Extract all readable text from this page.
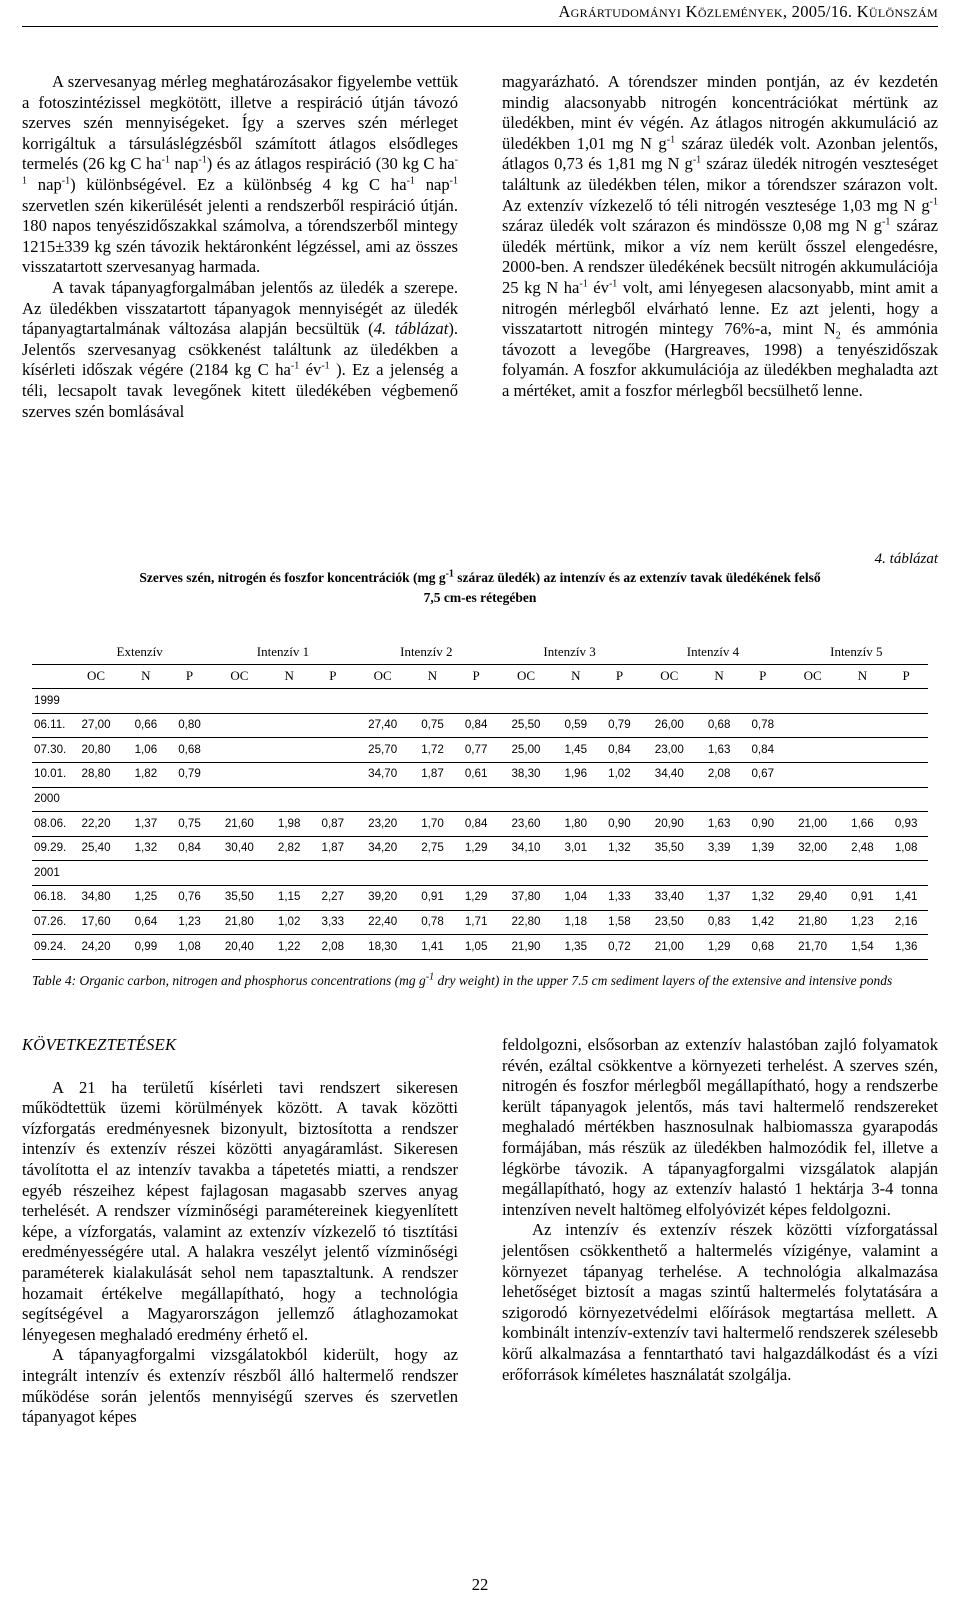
Agrártudományi Közlemények, 2005/16. Különszám

A szervesanyag mérleg meghatározásakor figyelembe vettük a fotoszintézissel megkötött, illetve a respiráció útján távozó szerves szén mennyiségeket. Így a szerves szén mérleget korrigáltuk a társuláslégzésből számított átlagos elsődleges termelés (26 kg C $ha^{-1}$ nap$^{-1}$) és az átlagos respiráció (30 kg C $ha^{-1}$ nap$^{-1}$) különbségével. Ez a különbség 4 kg C $ha^{-1}$ nap$^{-1}$ szervetlen szén kikerülését jelenti a rendszerből respiráció útján. 180 napos tenyészidőszakkal számolva, a tórendszerből mintegy 1215±339 kg szén távozik hektáronként légzéssel, ami az összes visszatartott szervesanyag harmada.

A tavak tápanyagforgalmában jelentős az üledék a szerepe. Az üledékben visszatartott tápanyagok mennyiségét az üledék tápanyagtartalmának változása alapján becsültük (4. táblázat). Jelentős szervesanyag csökkenést találtunk az üledékben a kísérleti időszak végére (2184 kg C $ha^{-1}$ $év^{-1}$ ). Ez a jelenség a téli, lecsapolt tavak levegőnek kitett üledékében végbemenő szerves szén bomlásával

magyarázható. A tórendszer minden pontján, az év kezdetén mindig alacsonyabb nitrogén koncentrációkat mértünk az üledékben, mint év végén. Az átlagos nitrogén akkumuláció az üledékben 1,01 mg N $g^{-1}$ száraz üledék volt. Azonban jelentős, átlagos 0,73 és 1,81 mg N $g^{-1}$ száraz üledék nitrogén veszteséget találtunk az üledékben télen, mikor a tórendszer szárazon volt. Az extenzív vízkezelő tó téli nitrogén vesztesége 1,03 mg N $g^{-1}$ száraz üledék volt szárazon és mindössze 0,08 mg N $g^{-1}$ száraz üledék mértünk, mikor a víz nem került ősszel elengedésre, 2000-ben. A rendszer üledékének becsült nitrogén akkumulációja 25 kg N $ha^{-1}$ $év^{-1}$ volt, ami lényegesen alacsonyabb, mint amit a nitrogén mérlegből elvárható lenne. Ez azt jelenti, hogy a visszatartott nitrogén mintegy 76%-a, mint $N_2$ és ammónia távozott a levegőbe (Hargreaves, 1998) a tenyészidőszak folyamán. A foszfor akkumulációja az üledékben meghaladta azt a mértéket, amit a foszfor mérlegből becsülhető lenne.

4. táblázat
Szerves szén, nitrogén és foszfor koncentrációk (mg $g^{-1}$ száraz üledék) az intenzív és az extenzív tavak üledékének felső
7,5 cm-es rétegében
	Extenzív			Intenzív 1			Intenzív 2			Intenzív 3			Intenzív 4			Intenzív 5		
	OC	N	P	OC	N	P	OC	N	P	OC	N	P	OC	N	P	OC	N	P
1999																		
06.11.	27,00	0,66	0,80				27,40	0,75	0,84	25,50	0,59	0,79	26,00	0,68	0,78			
07.30.	20,80	1,06	0,68				25,70	1,72	0,77	25,00	1,45	0,84	23,00	1,63	0,84			
10.01.	28,80	1,82	0,79				34,70	1,87	0,61	38,30	1,96	1,02	34,40	2,08	0,67			
2000																		
08.06.	22,20	1,37	0,75	21,60	1,98	0,87	23,20	1,70	0,84	23,60	1,80	0,90	20,90	1,63	0,90	21,00	1,66	0,93
09.29.	25,40	1,32	0,84	30,40	2,82	1,87	34,20	2,75	1,29	34,10	3,01	1,32	35,50	3,39	1,39	32,00	2,48	1,08
2001																		
06.18.	34,80	1,25	0,76	35,50	1,15	2,27	39,20	0,91	1,29	37,80	1,04	1,33	33,40	1,37	1,32	29,40	0,91	1,41
07.26.	17,60	0,64	1,23	21,80	1,02	3,33	22,40	0,78	1,71	22,80	1,18	1,58	23,50	0,83	1,42	21,80	1,23	2,16
09.24.	24,20	0,99	1,08	20,40	1,22	2,08	18,30	1,41	1,05	21,90	1,35	0,72	21,00	1,29	0,68	21,70	1,54	1,36
Table 4: Organic carbon, nitrogen and phosphorus concentrations (mg $g^{-1}$ dry weight) in the upper 7.5 cm sediment layers of the extensive and intensive ponds
KÖVETKEZTETÉSEK

A 21 ha területű kísérleti tavi rendszert sikeresen működtettük üzemi körülmények között. A tavak közötti vízforgatás eredményesnek bizonyult, biztosította a rendszer intenzív és extenzív részei közötti anyagáramlást. Sikeresen távolította el az intenzív tavakba a tápetetés miatti, a rendszer egyéb részeihez képest fajlagosan magasabb szerves anyag terhelését. A rendszer vízminőségi paramétereinek kiegyenlített képe, a vízforgatás, valamint az extenzív vízkezelő tó tisztítási eredményességére utal. A halakra veszélyt jelentő vízminőségi paraméterek kialakulását sehol nem tapasztaltunk. A rendszer hozamait értékelve megállapítható, hogy a technológia segítségével a Magyarországon jellemző átlaghozamokat lényegesen meghaladó eredmény érhető el.

A tápanyagforgalmi vizsgálatokból kiderült, hogy az integrált intenzív és extenzív részből álló haltermelő rendszer működése során jelentős mennyiségű szerves és szervetlen tápanyagot képes

feldolgozni, elsősorban az extenzív halastóban zajló folyamatok révén, ezáltal csökkentve a környezeti terhelést. A szerves szén, nitrogén és foszfor mérlegből megállapítható, hogy a rendszerbe került tápanyagok jelentős, más tavi haltermelő rendszereket meghaladó mértékben hasznosulnak halbiomassza gyarapodás formájában, más részük az üledékben halmozódik fel, illetve a légkörbe távozik. A tápanyagforgalmi vizsgálatok alapján megállapítható, hogy az extenzív halastó 1 hektárja 3-4 tonna intenzíven nevelt haltömeg elfolyóvizét képes feldolgozni.

Az intenzív és extenzív részek közötti vízforgatással jelentősen csökkenthető a haltermelés vízigénye, valamint a környezet tápanyag terhelése. A technológia alkalmazása lehetőséget biztosít a magas szintű haltermelés folytatására a szigorodó környezetvédelmi előírások megtartása mellett. A kombinált intenzív-extenzív tavi haltermelő rendszerek szélesebb körű alkalmazása a fenntartható tavi halgazdálkodást és a vízi erőforrások kíméletes használatát szolgálja.

22
